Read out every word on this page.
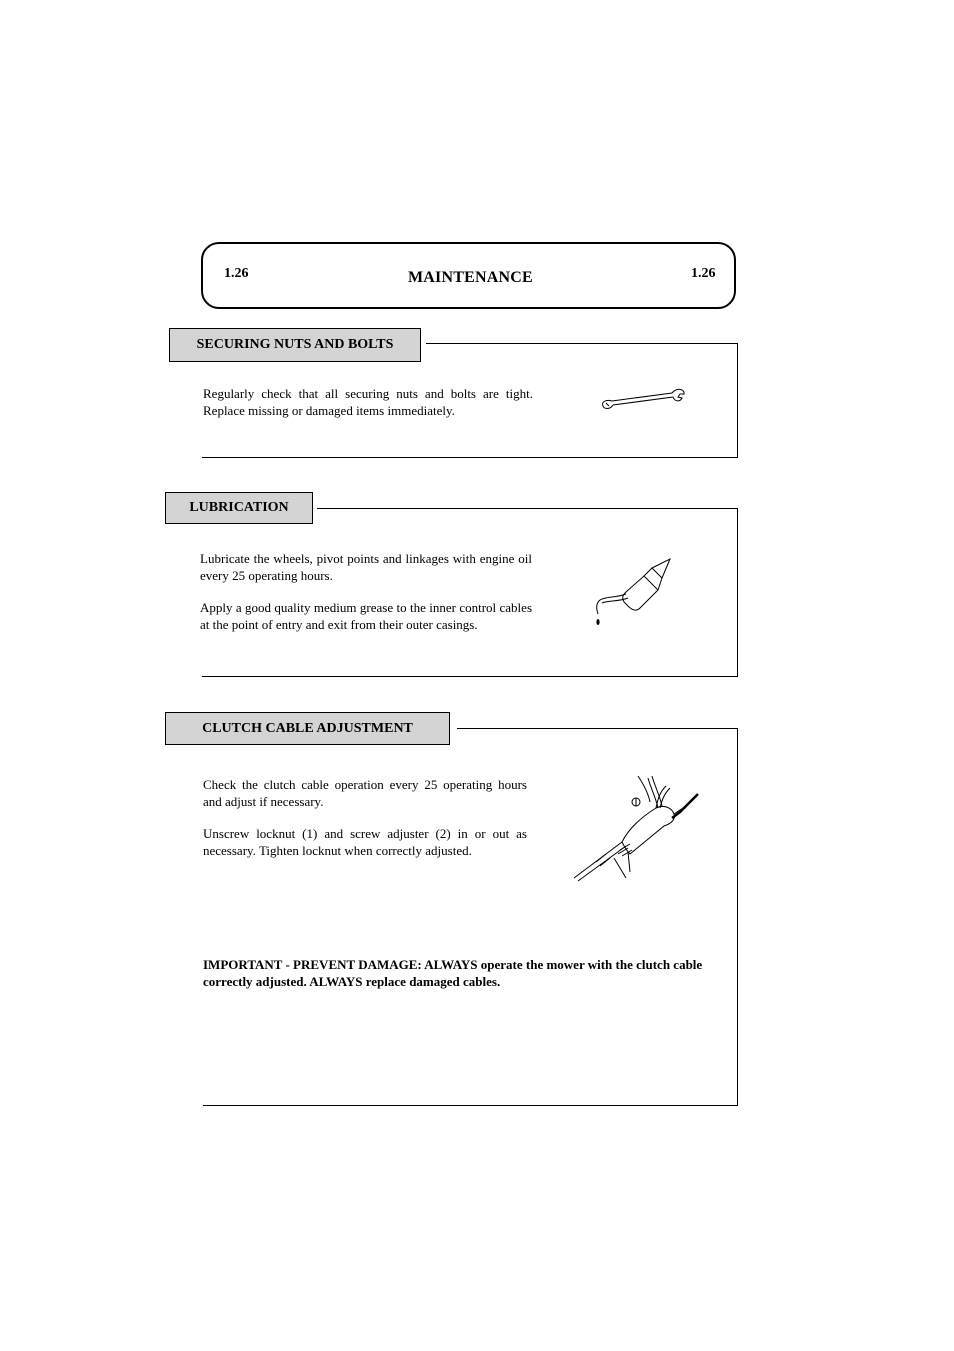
1.26	MAINTENANCE	1.26
SECURING NUTS AND BOLTS

Regularly check that all securing nuts and bolts are tight. Replace missing or damaged items immediately.

LUBRICATION

Lubricate the wheels, pivot points and linkages with engine oil every 25 operating hours.

Apply a good quality medium grease to the inner control cables at the point of entry and exit from their outer casings.

CLUTCH CABLE ADJUSTMENT

Check the clutch cable operation every 25 operating hours and adjust if necessary.

Unscrew locknut (1) and screw adjuster (2) in or out as necessary. Tighten locknut when correctly adjusted.

IMPORTANT - PREVENT DAMAGE: ALWAYS operate the mower with the clutch cable correctly adjusted. ALWAYS replace damaged cables.
